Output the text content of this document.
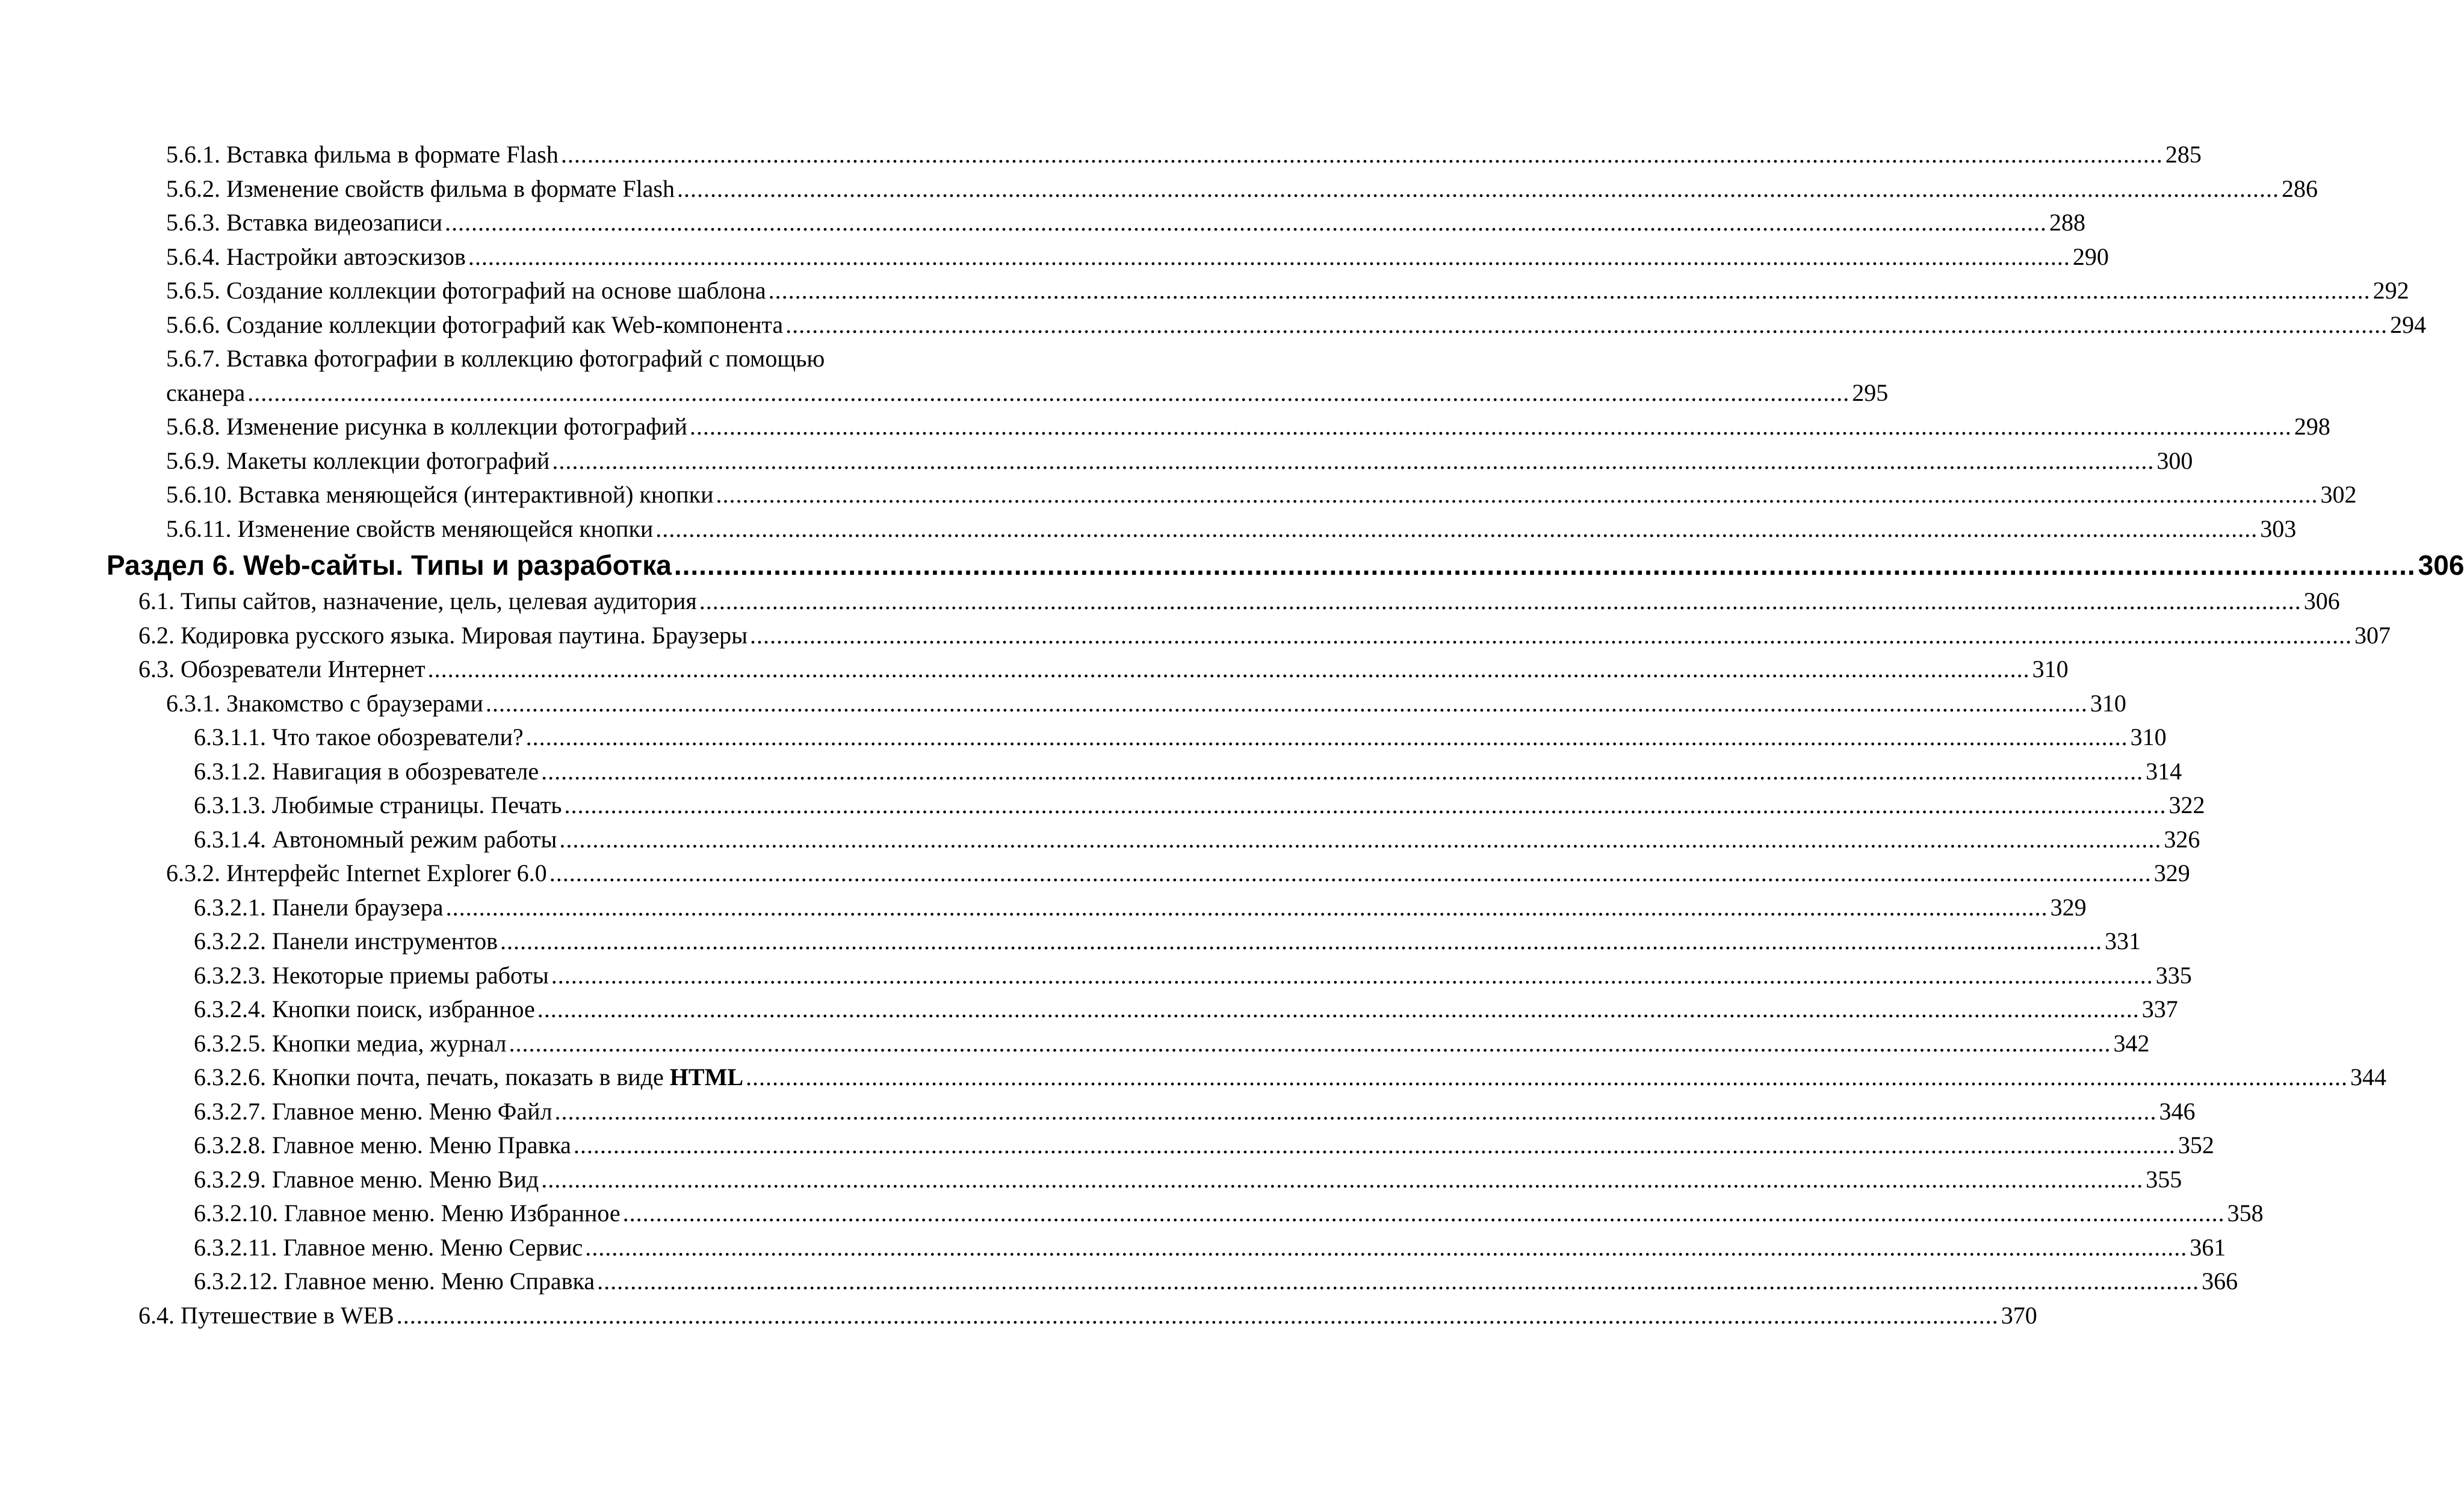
5.6.1. Вставка фильма в формате Flash .....	285
5.6.2. Изменение свойств фильма в формате Flash .....	286
5.6.3. Вставка видеозаписи .....	288
5.6.4. Настройки автоэскизов .....	290
5.6.5. Создание коллекции фотографий на основе шаблона .....	292
5.6.6. Создание коллекции фотографий как Web-компонента .....	294
5.6.7. Вставка фотографии в коллекцию фотографий с помощью
сканера .....	295
5.6.8. Изменение рисунка в коллекции фотографий .....	298
5.6.9. Макеты коллекции фотографий .....	300
5.6.10. Вставка меняющейся (интерактивной) кнопки .....	302
5.6.11. Изменение свойств меняющейся кнопки .....	303
Раздел 6. Web-сайты. Типы и разработка .....	306
6.1. Типы сайтов, назначение, цель, целевая аудитория .....	306
6.2. Кодировка русского языка. Мировая паутина. Браузеры .....	307
6.3. Обозреватели Интернет .....	310
6.3.1. Знакомство с браузерами .....	310
6.3.1.1. Что такое обозреватели? .....	310
6.3.1.2. Навигация в обозревателе .....	314
6.3.1.3. Любимые страницы. Печать .....	322
6.3.1.4. Автономный режим работы .....	326
6.3.2. Интерфейс Internet Explorer 6.0 .....	329
6.3.2.1. Панели браузера .....	329
6.3.2.2. Панели инструментов .....	331
6.3.2.3. Некоторые приемы работы .....	335
6.3.2.4. Кнопки поиск, избранное .....	337
6.3.2.5. Кнопки медиа, журнал .....	342
6.3.2.6. Кнопки почта, печать, показать в виде HTML .....	344
6.3.2.7. Главное меню. Меню Файл .....	346
6.3.2.8. Главное меню. Меню Правка .....	352
6.3.2.9. Главное меню. Меню Вид .....	355
6.3.2.10. Главное меню. Меню Избранное .....	358
6.3.2.11. Главное меню. Меню Сервис .....	361
6.3.2.12. Главное меню. Меню Справка .....	366
6.4. Путешествие в WEB .....	370
